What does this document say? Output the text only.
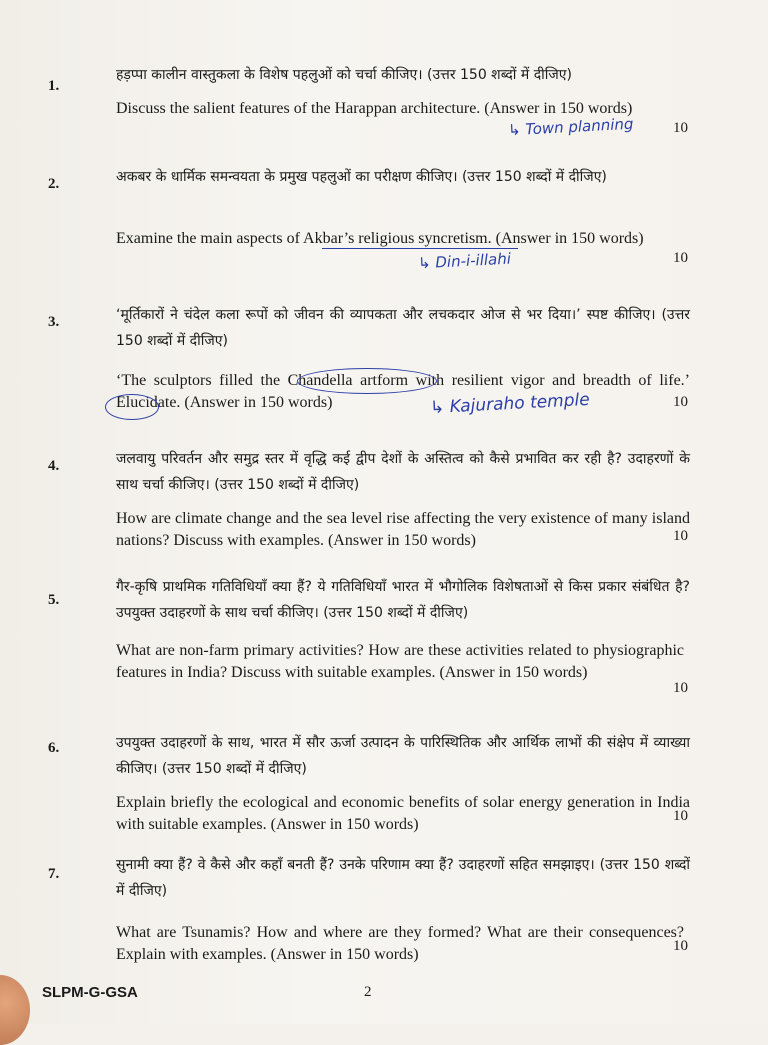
1.
हड़प्पा कालीन वास्तुकला के विशेष पहलुओं को चर्चा कीजिए। (उत्तर 150 शब्दों में दीजिए)
Discuss the salient features of the Harappan architecture. (Answer in 150 words)
↳ Town planning	10
2.	अकबर के धार्मिक समन्वयता के प्रमुख पहलुओं का परीक्षण कीजिए। (उत्तर 150 शब्दों में दीजिए)
Examine the main aspects of Akbar’s religious syncretism. (Answer in 150 words)
↳ Din-i-illahi	10
3.	‘मूर्तिकारों ने चंदेल कला रूपों को जीवन की व्यापकता और लचकदार ओज से भर दिया।’ स्पष्ट कीजिए। (उत्तर 150 शब्दों में दीजिए)
‘The sculptors filled the Chandella artform with resilient vigor and breadth of life.’ Elucidate. (Answer in 150 words)	↳ Kajuraho temple	10
4.	जलवायु परिवर्तन और समुद्र स्तर में वृद्धि कई द्वीप देशों के अस्तित्व को कैसे प्रभावित कर रही है? उदाहरणों के साथ चर्चा कीजिए। (उत्तर 150 शब्दों में दीजिए)
How are climate change and the sea level rise affecting the very existence of many island nations? Discuss with examples. (Answer in 150 words)	10
5.
गैर-कृषि प्राथमिक गतिविधियाँ क्या हैं? ये गतिविधियाँ भारत में भौगोलिक विशेषताओं से किस प्रकार संबंधित है? उपयुक्त उदाहरणों के साथ चर्चा कीजिए। (उत्तर 150 शब्दों में दीजिए)
What are non-farm primary activities? How are these activities related to physiographic features in India? Discuss with suitable examples. (Answer in 150 words)
10
6.	उपयुक्त उदाहरणों के साथ, भारत में सौर ऊर्जा उत्पादन के पारिस्थितिक और आर्थिक लाभों की संक्षेप में व्याख्या कीजिए। (उत्तर 150 शब्दों में दीजिए)
Explain briefly the ecological and economic benefits of solar energy generation in India with suitable examples. (Answer in 150 words)	10
7.
सुनामी क्या हैं? वे कैसे और कहाँ बनती हैं? उनके परिणाम क्या हैं? उदाहरणों सहित समझाइए। (उत्तर 150 शब्दों में दीजिए)
What are Tsunamis? How and where are they formed? What are their consequences? Explain with examples. (Answer in 150 words)	10
SLPM-G-GSA	2
